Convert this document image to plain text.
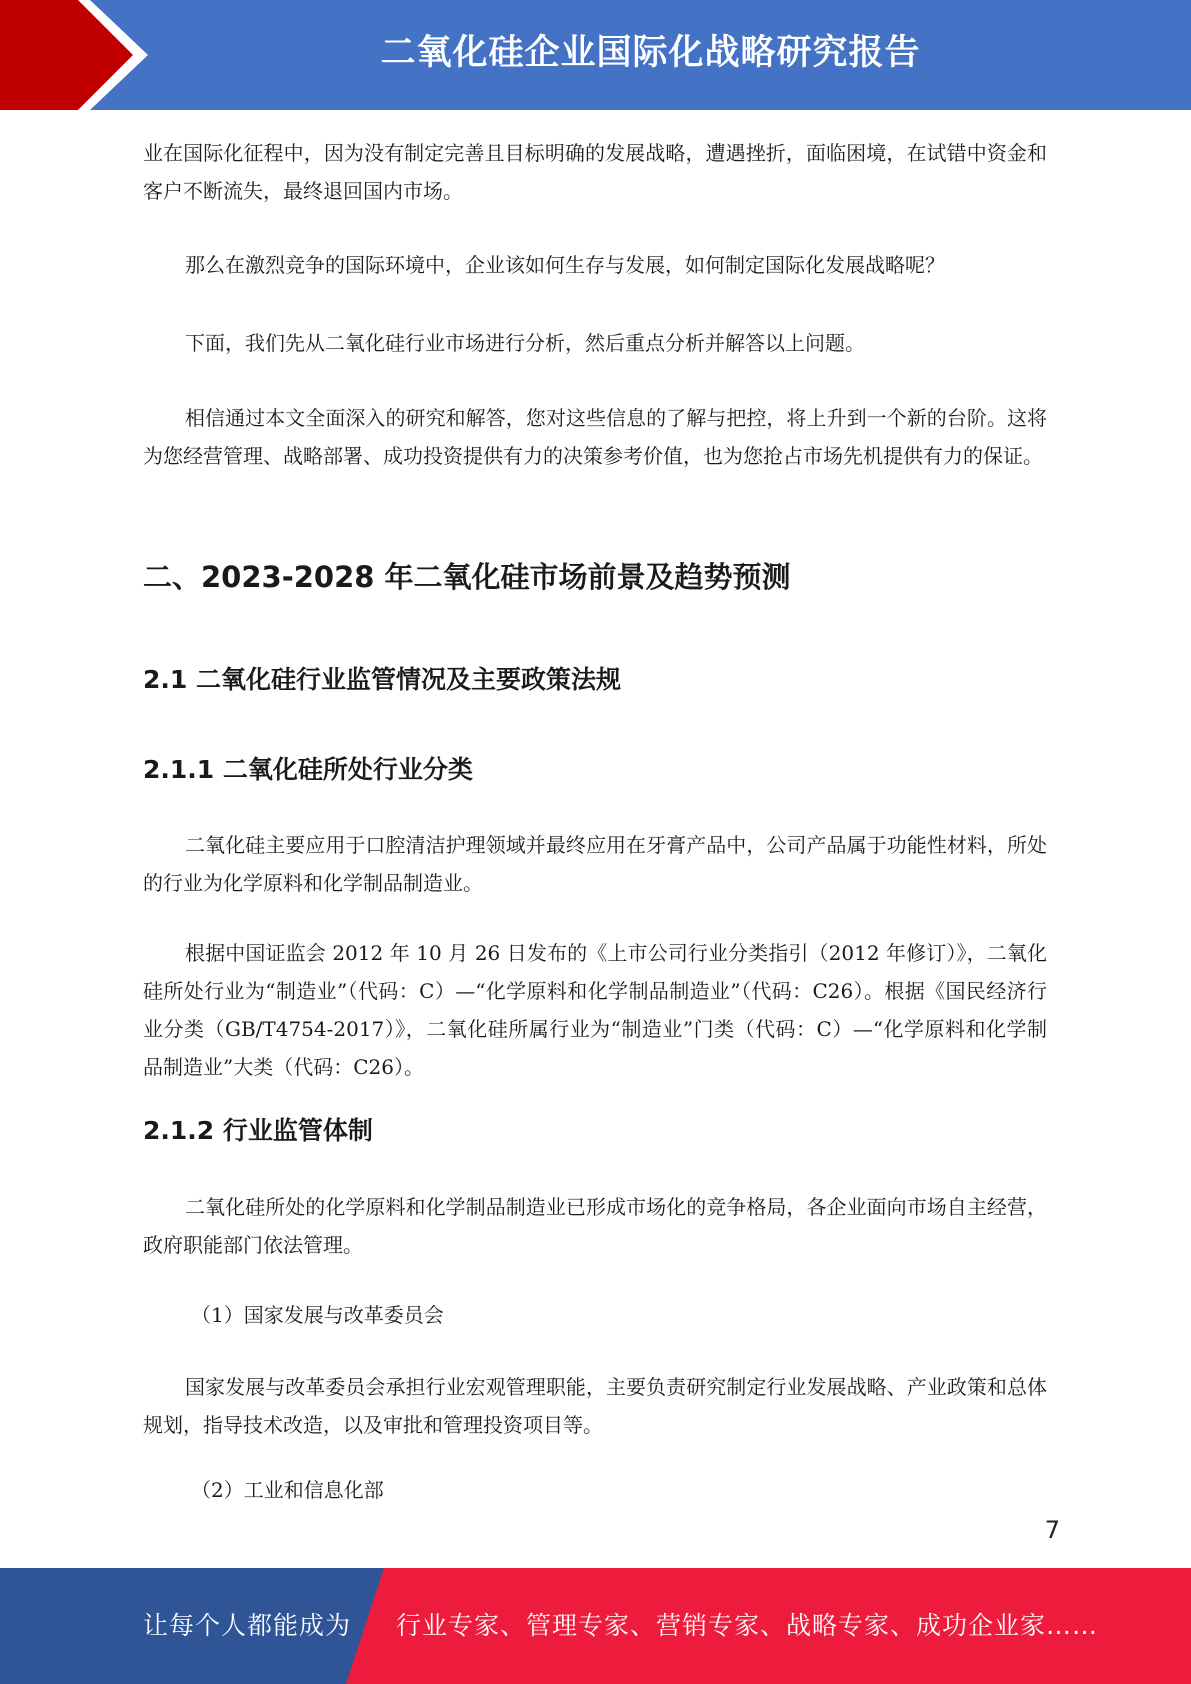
二氧化硅企业国际化战略研究报告

业在国际化征程中，因为没有制定完善且目标明确的发展战略，遭遇挫折，面临困境，在试错中资金和客户不断流失，最终退回国内市场。

那么在激烈竞争的国际环境中，企业该如何生存与发展，如何制定国际化发展战略呢？

下面，我们先从二氧化硅行业市场进行分析，然后重点分析并解答以上问题。

相信通过本文全面深入的研究和解答，您对这些信息的了解与把控，将上升到一个新的台阶。这将为您经营管理、战略部署、成功投资提供有力的决策参考价值，也为您抢占市场先机提供有力的保证。

二、2023-2028 年二氧化硅市场前景及趋势预测
2.1 二氧化硅行业监管情况及主要政策法规
2.1.1 二氧化硅所处行业分类

二氧化硅主要应用于口腔清洁护理领域并最终应用在牙膏产品中，公司产品属于功能性材料，所处的行业为化学原料和化学制品制造业。

根据中国证监会 2012 年 10 月 26 日发布的《上市公司行业分类指引（2012 年修订）》，二氧化硅所处行业为“制造业”（代码：C）—“化学原料和化学制品制造业”（代码：C26）。根据《国民经济行业分类（GB/T4754-2017）》，二氧化硅所属行业为“制造业”门类（代码：C）—“化学原料和化学制品制造业”大类（代码：C26）。

2.1.2 行业监管体制

二氧化硅所处的化学原料和化学制品制造业已形成市场化的竞争格局，各企业面向市场自主经营，政府职能部门依法管理。

（1）国家发展与改革委员会

国家发展与改革委员会承担行业宏观管理职能，主要负责研究制定行业发展战略、产业政策和总体规划，指导技术改造，以及审批和管理投资项目等。

（2）工业和信息化部

7
让每个人都能成为 行业专家、管理专家、营销专家、战略专家、成功企业家……
